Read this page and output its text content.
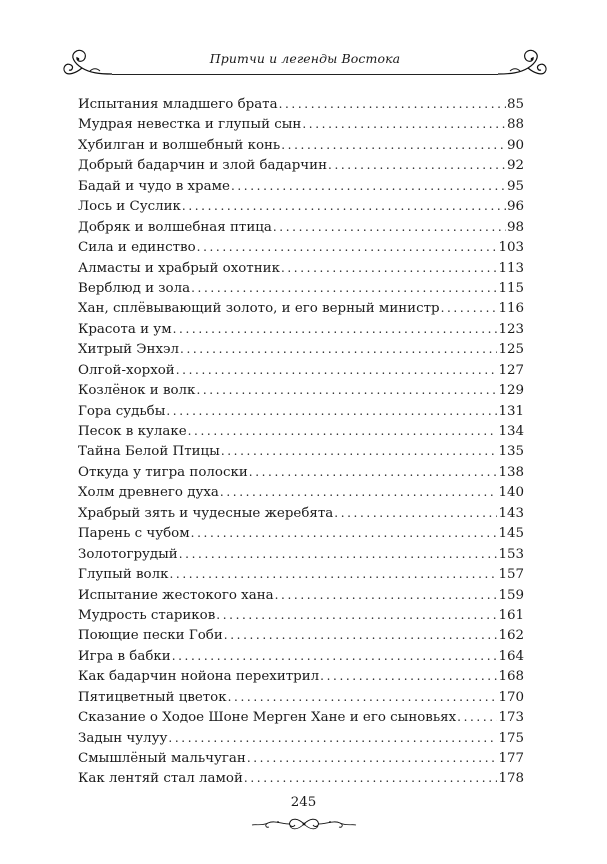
Притчи и легенды Востока
Испытания младшего брата . . .	85
Мудрая невестка и глупый сын . . .	88
Хубилган и волшебный конь . . .	90
Добрый бадарчин и злой бадарчин . . .	92
Бадай и чудо в храме . . .	95
Лось и Суслик . . .	96
Добряк и волшебная птица . . .	98
Сила и единство . . .	103
Алмасты и храбрый охотник . . .	113
Верблюд и зола . . .	115
Хан, сплёвывающий золото, и его верный министр . . .	116
Красота и ум . . .	123
Хитрый Энхэл . . .	125
Олгой-хорхой . . .	127
Козлёнок и волк . . .	129
Гора судьбы . . .	131
Песок в кулаке . . .	134
Тайна Белой Птицы . . .	135
Откуда у тигра полоски . . .	138
Холм древнего духа . . .	140
Храбрый зять и чудесные жеребята . . .	143
Парень с чубом . . .	145
Золотогрудый . . .	153
Глупый волк . . .	157
Испытание жестокого хана . . .	159
Мудрость стариков . . .	161
Поющие пески Гоби . . .	162
Игра в бабки . . .	164
Как бадарчин нойона перехитрил . . .	168
Пятицветный цветок . . .	170
Сказание о Ходое Шоне Мерген Хане и его сыновьях . . .	173
Задын чулуу . . .	175
Смышлёный мальчуган . . .	177
Как лентяй стал ламой . . .	178
245
